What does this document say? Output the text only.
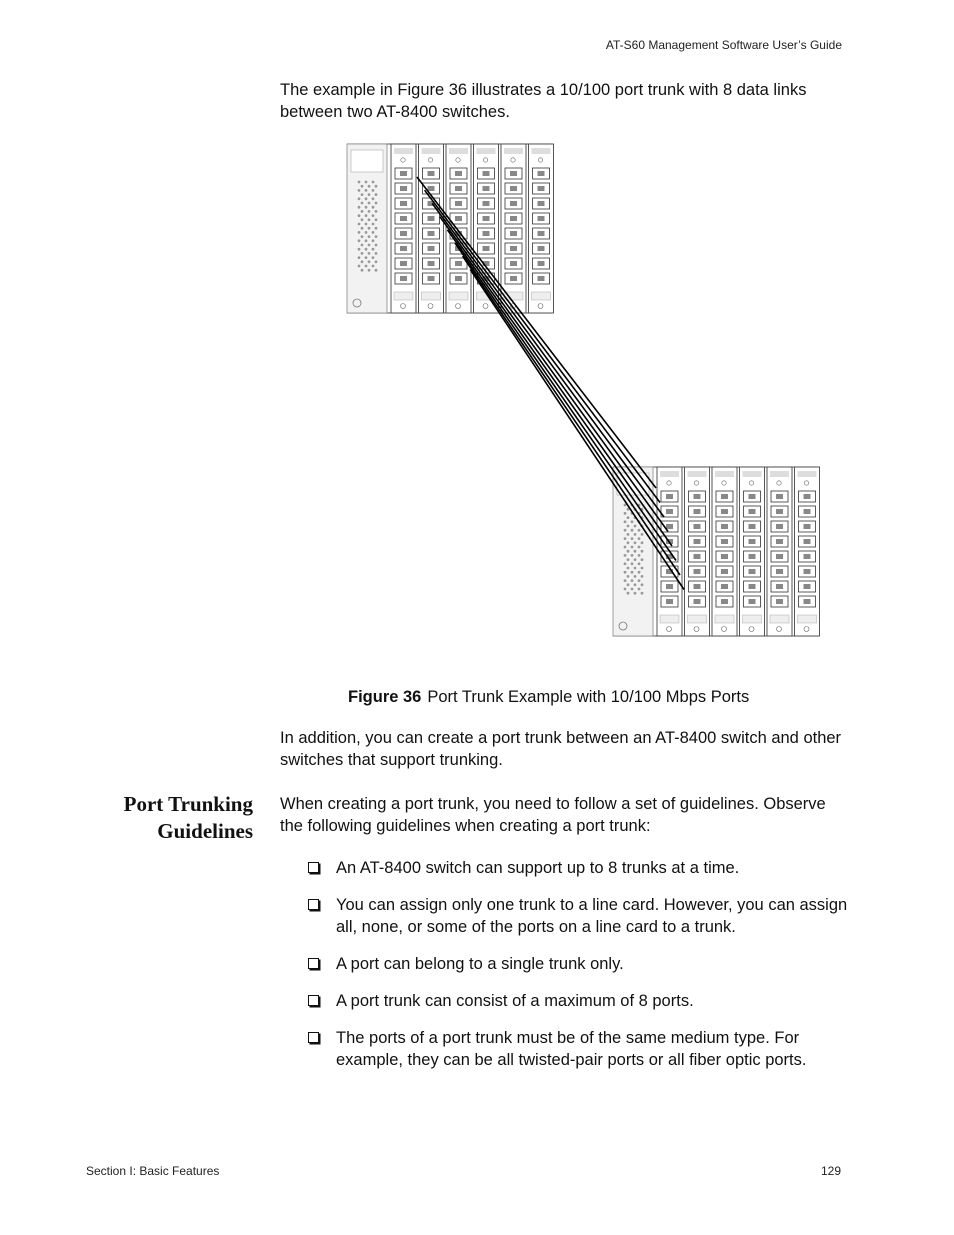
AT-S60 Management Software User’s Guide
The example in Figure 36 illustrates a 10/100 port trunk with 8 data links between two AT-8400 switches.
Figure 36 Port Trunk Example with 10/100 Mbps Ports
In addition, you can create a port trunk between an AT-8400 switch and other switches that support trunking.
Port Trunking
Guidelines
When creating a port trunk, you need to follow a set of guidelines. Observe the following guidelines when creating a port trunk:
An AT-8400 switch can support up to 8 trunks at a time.
You can assign only one trunk to a line card. However, you can assign all, none, or some of the ports on a line card to a trunk.
A port can belong to a single trunk only.
A port trunk can consist of a maximum of 8 ports.
The ports of a port trunk must be of the same medium type. For example, they can be all twisted-pair ports or all fiber optic ports.
Section I: Basic Features	129
